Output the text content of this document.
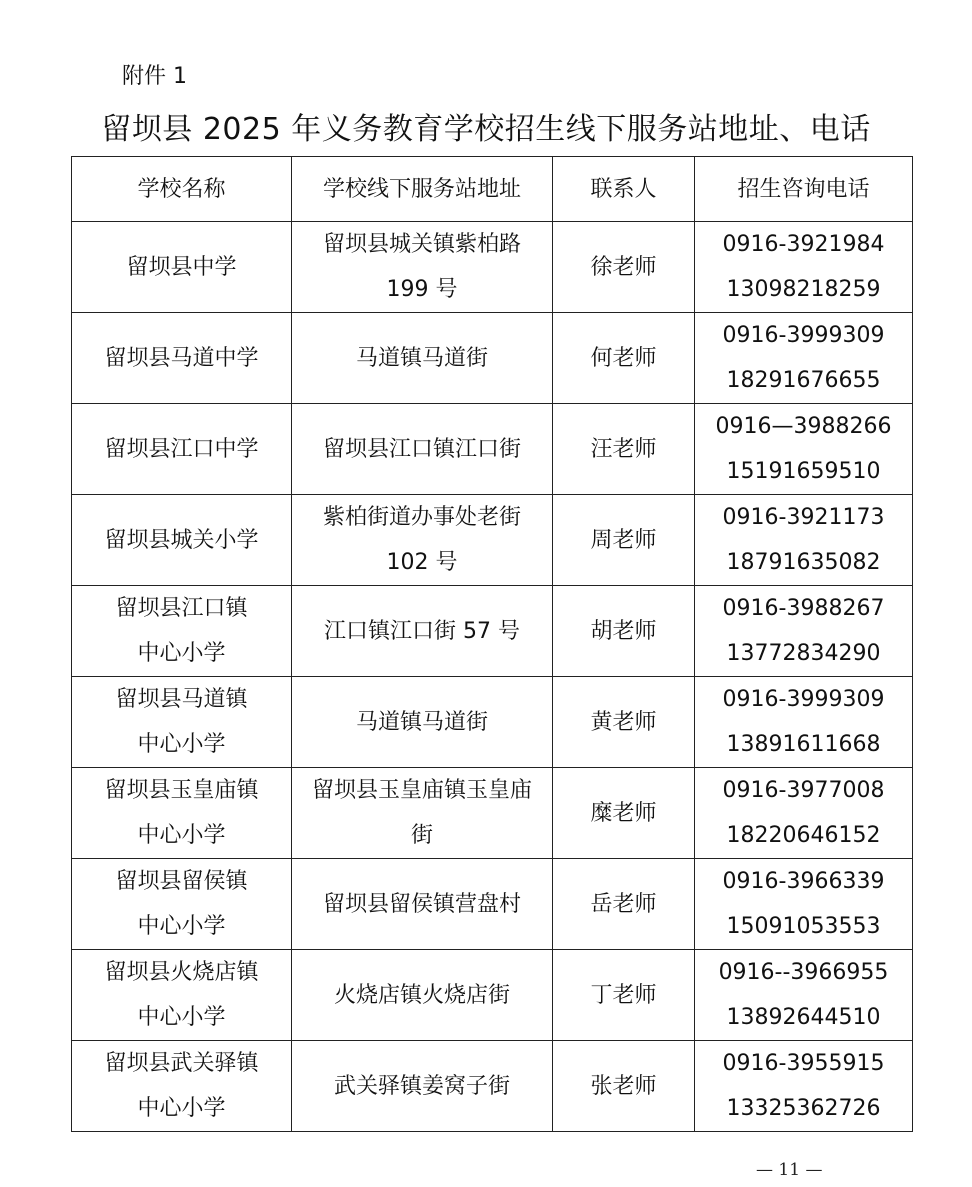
附件 1
留坝县 2025 年义务教育学校招生线下服务站地址、电话
学校名称	学校线下服务站地址	联系人	招生咨询电话

留坝县中学	留坝县城关镇紫柏路
199 号	徐老师	0916-3921984
13098218259

留坝县马道中学	马道镇马道街	何老师	0916-3999309
18291676655

留坝县江口中学	留坝县江口镇江口街	汪老师	0916—3988266
15191659510

留坝县城关小学	紫柏街道办事处老街
102 号	周老师	0916-3921173
18791635082

留坝县江口镇
中心小学	江口镇江口街 57 号	胡老师	0916-3988267
13772834290

留坝县马道镇
中心小学	马道镇马道街	黄老师	0916-3999309
13891611668

留坝县玉皇庙镇
中心小学	留坝县玉皇庙镇玉皇庙
街	糜老师	0916-3977008
18220646152

留坝县留侯镇
中心小学	留坝县留侯镇营盘村	岳老师	0916-3966339
15091053553

留坝县火烧店镇
中心小学	火烧店镇火烧店街	丁老师	0916--3966955
13892644510

留坝县武关驿镇
中心小学	武关驿镇姜窝子街	张老师	0916-3955915
13325362726
— 11 —
